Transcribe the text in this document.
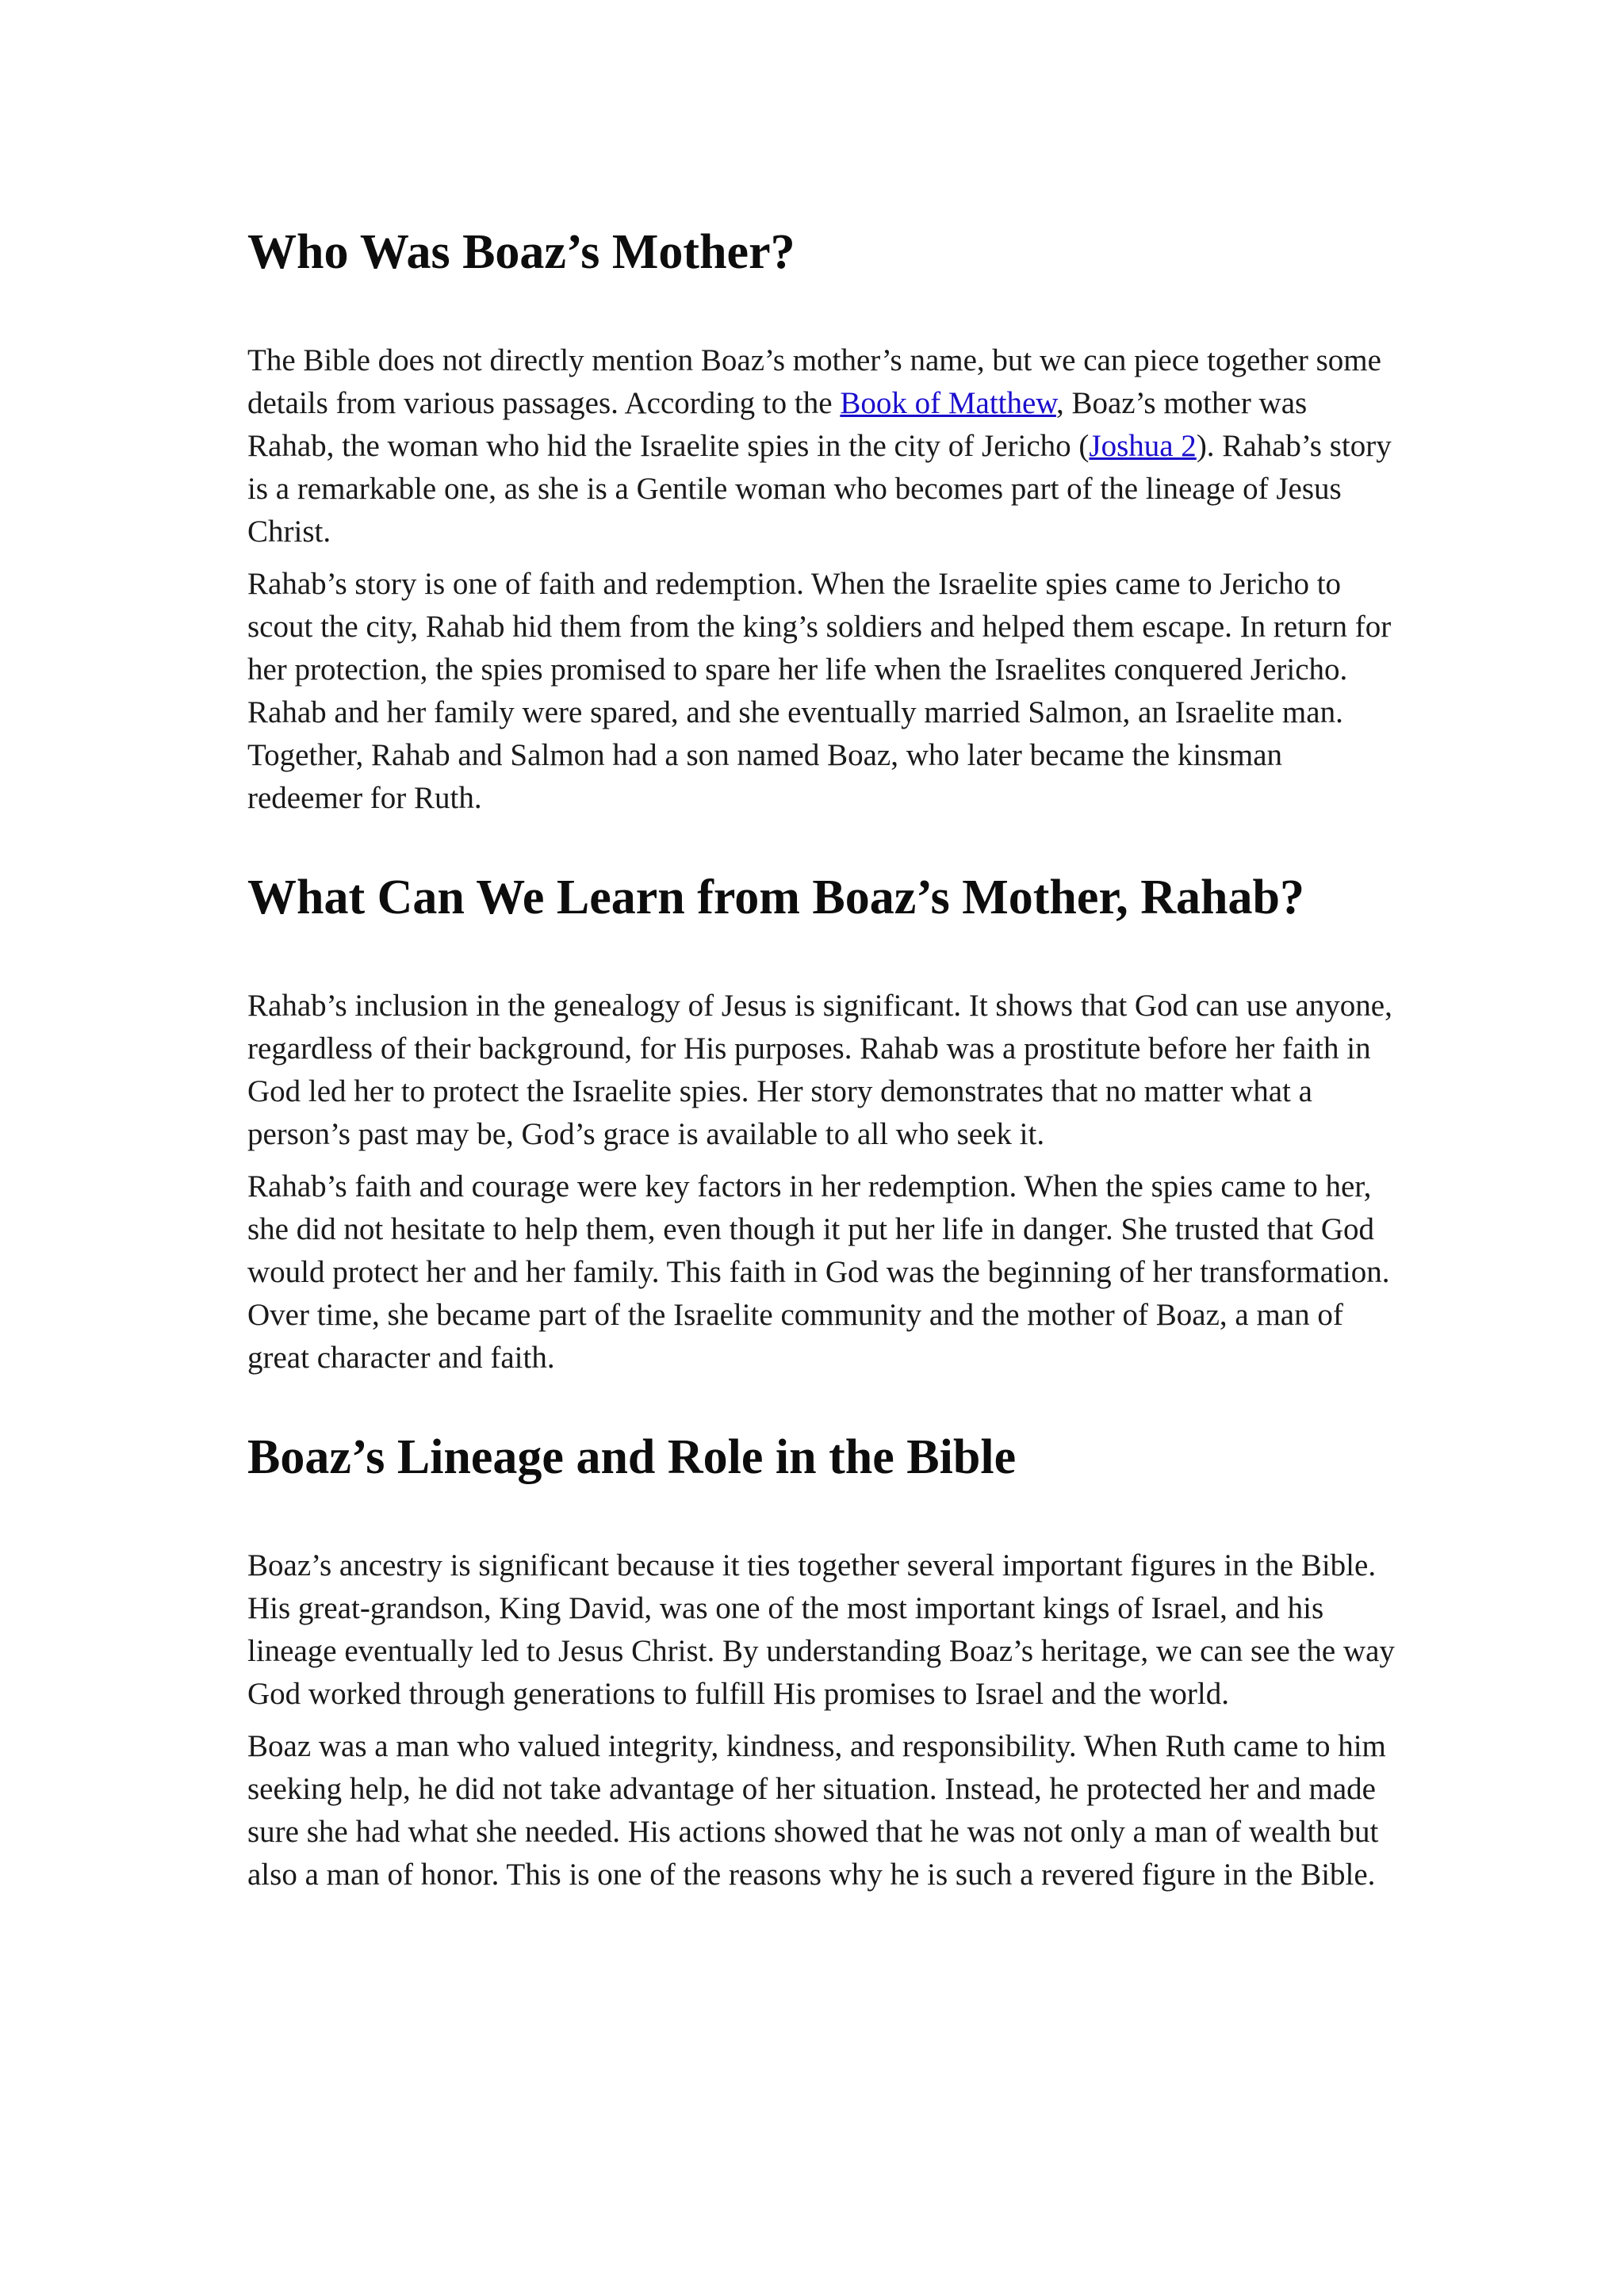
Who Was Boaz’s Mother?

The Bible does not directly mention Boaz’s mother’s name, but we can piece together some details from various passages. According to the Book of Matthew, Boaz’s mother was Rahab, the woman who hid the Israelite spies in the city of Jericho (Joshua 2). Rahab’s story is a remarkable one, as she is a Gentile woman who becomes part of the lineage of Jesus Christ.

Rahab’s story is one of faith and redemption. When the Israelite spies came to Jericho to scout the city, Rahab hid them from the king’s soldiers and helped them escape. In return for her protection, the spies promised to spare her life when the Israelites conquered Jericho. Rahab and her family were spared, and she eventually married Salmon, an Israelite man. Together, Rahab and Salmon had a son named Boaz, who later became the kinsman redeemer for Ruth.

What Can We Learn from Boaz’s Mother, Rahab?

Rahab’s inclusion in the genealogy of Jesus is significant. It shows that God can use anyone, regardless of their background, for His purposes. Rahab was a prostitute before her faith in God led her to protect the Israelite spies. Her story demonstrates that no matter what a person’s past may be, God’s grace is available to all who seek it.

Rahab’s faith and courage were key factors in her redemption. When the spies came to her, she did not hesitate to help them, even though it put her life in danger. She trusted that God would protect her and her family. This faith in God was the beginning of her transformation. Over time, she became part of the Israelite community and the mother of Boaz, a man of great character and faith.

Boaz’s Lineage and Role in the Bible

Boaz’s ancestry is significant because it ties together several important figures in the Bible. His great-grandson, King David, was one of the most important kings of Israel, and his lineage eventually led to Jesus Christ. By understanding Boaz’s heritage, we can see the way God worked through generations to fulfill His promises to Israel and the world.

Boaz was a man who valued integrity, kindness, and responsibility. When Ruth came to him seeking help, he did not take advantage of her situation. Instead, he protected her and made sure she had what she needed. His actions showed that he was not only a man of wealth but also a man of honor. This is one of the reasons why he is such a revered figure in the Bible.
